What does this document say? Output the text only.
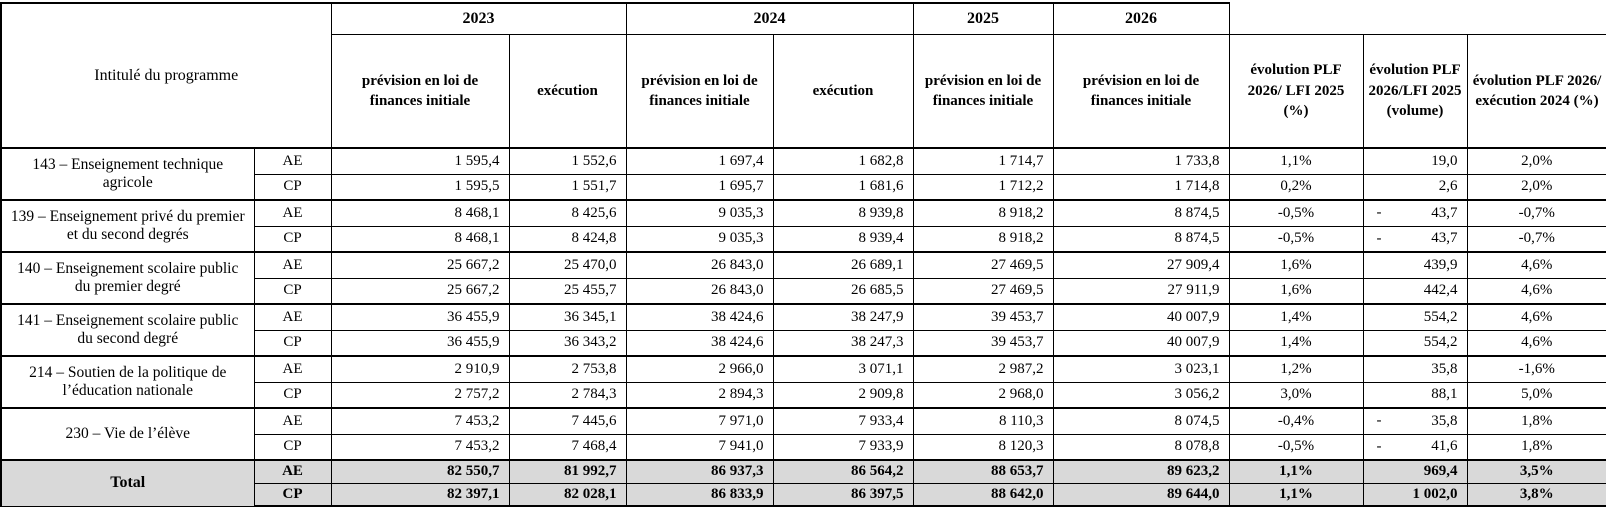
Intitulé du programme		2023		2024		2025	2026			
		prévision en loi de finances initiale	exécution	prévision en loi de finances initiale	exécution	prévision en loi de finances initiale	prévision en loi de finances initiale	évolution PLF 2026/ LFI 2025 (%)	évolution PLF 2026/LFI 2025 (volume)	évolution PLF 2026/ exécution 2024 (%)
143 – Enseignement technique agricole	AE	1 595,4	1 552,6	1 697,4	1 682,8	1 714,7	1 733,8	1,1%	19,0	2,0%
	CP	1 595,5	1 551,7	1 695,7	1 681,6	1 712,2	1 714,8	0,2%	2,6	2,0%
139 – Enseignement privé du premier et du second degrés	AE	8 468,1	8 425,6	9 035,3	8 939,8	8 918,2	8 874,5	-0,5%	- 43,7	-0,7%
	CP	8 468,1	8 424,8	9 035,3	8 939,4	8 918,2	8 874,5	-0,5%	- 43,7	-0,7%
140 – Enseignement scolaire public du premier degré	AE	25 667,2	25 470,0	26 843,0	26 689,1	27 469,5	27 909,4	1,6%	439,9	4,6%
	CP	25 667,2	25 455,7	26 843,0	26 685,5	27 469,5	27 911,9	1,6%	442,4	4,6%
141 – Enseignement scolaire public du second degré	AE	36 455,9	36 345,1	38 424,6	38 247,9	39 453,7	40 007,9	1,4%	554,2	4,6%
	CP	36 455,9	36 343,2	38 424,6	38 247,3	39 453,7	40 007,9	1,4%	554,2	4,6%
214 – Soutien de la politique de l’éducation nationale	AE	2 910,9	2 753,8	2 966,0	3 071,1	2 987,2	3 023,1	1,2%	35,8	-1,6%
	CP	2 757,2	2 784,3	2 894,3	2 909,8	2 968,0	3 056,2	3,0%	88,1	5,0%
230 – Vie de l’élève	AE	7 453,2	7 445,6	7 971,0	7 933,4	8 110,3	8 074,5	-0,4%	- 35,8	1,8%
	CP	7 453,2	7 468,4	7 941,0	7 933,9	8 120,3	8 078,8	-0,5%	- 41,6	1,8%
Total	AE	82 550,7	81 992,7	86 937,3	86 564,2	88 653,7	89 623,2	1,1%	969,4	3,5%
	CP	82 397,1	82 028,1	86 833,9	86 397,5	88 642,0	89 644,0	1,1%	1 002,0	3,8%
